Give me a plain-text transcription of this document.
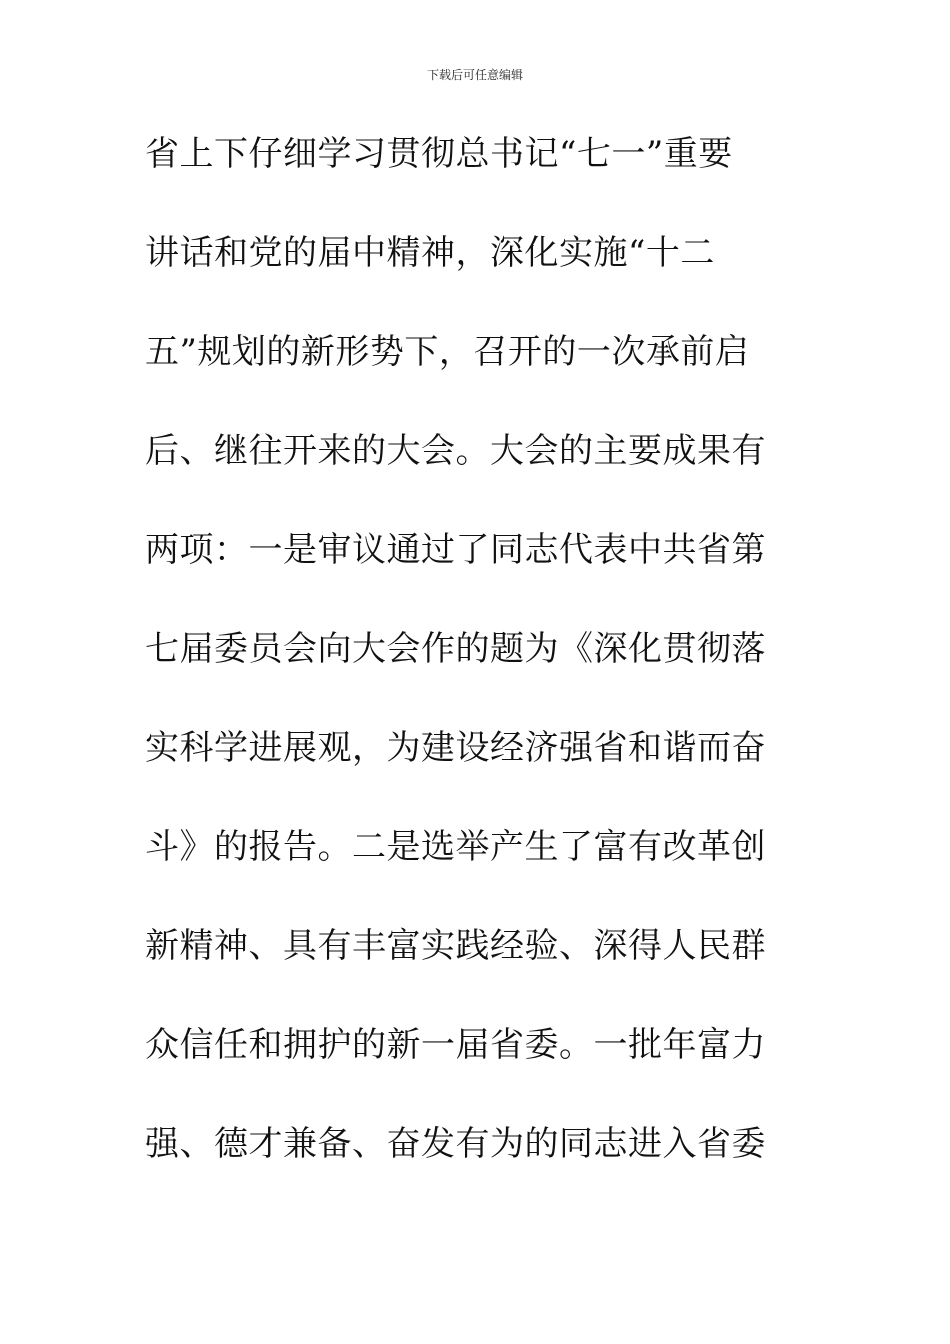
下载后可任意编辑
省上下仔细学习贯彻总书记“七一”重要
讲话和党的届中精神，深化实施“十二
五”规划的新形势下，召开的一次承前启
后、继往开来的大会。大会的主要成果有
两项：一是审议通过了同志代表中共省第
七届委员会向大会作的题为《深化贯彻落
实科学进展观，为建设经济强省和谐而奋
斗》的报告。二是选举产生了富有改革创
新精神、具有丰富实践经验、深得人民群
众信任和拥护的新一届省委。一批年富力
强、德才兼备、奋发有为的同志进入省委
